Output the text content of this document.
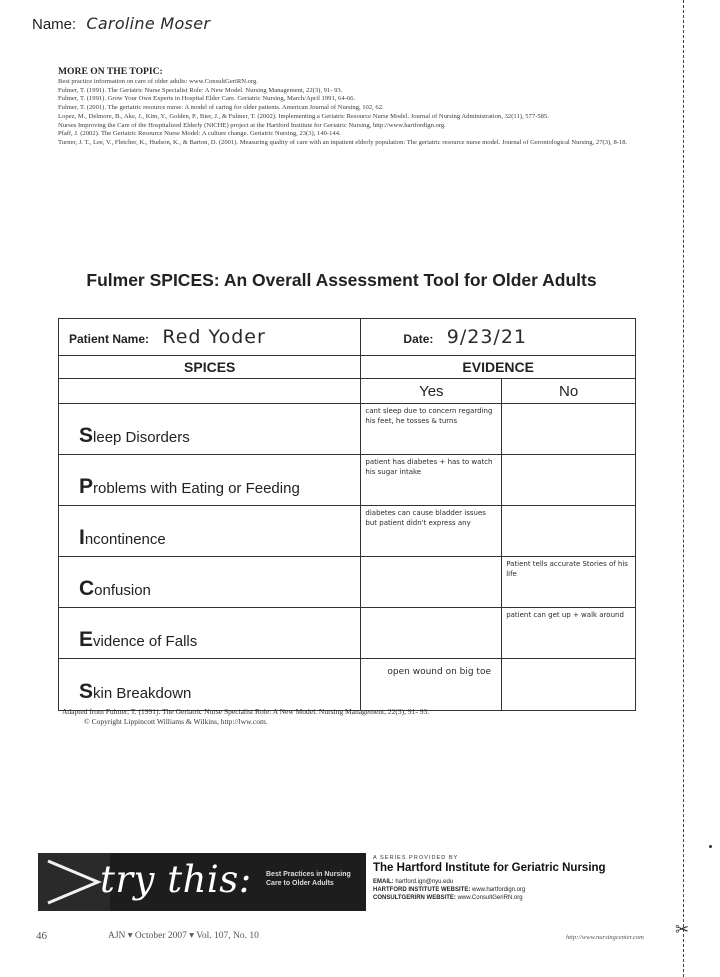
✂
Name: Caroline Moser
MORE ON THE TOPIC:
Best practice information on care of older adults: www.ConsultGeriRN.org.
Fulmer, T. (1991). The Geriatric Nurse Specialist Role: A New Model. Nursing Management, 22(3), 91- 93.
Fulmer, T. (1991). Grow Your Own Experts in Hospital Elder Care. Geriatric Nursing, March/April 1991, 64-66.
Fulmer, T. (2001). The geriatric resource nurse: A model of caring for older patients. American Journal of Nursing, 102, 62.
Lopez, M., Delmore, B., Ake, J., Kim, Y., Golden, P., Bier, J., & Fulmer, T. (2002). Implementing a Geriatric Resource Nurse Model. Journal of Nursing Administration, 32(11), 577-585.
Nurses Improving the Care of the Hospitalized Elderly (NICHE) project at the Hartford Institute for Geriatric Nursing, http://www.hartfordign.org.
Pfaff, J. (2002). The Geriatric Resource Nurse Model: A culture change. Geriatric Nursing, 23(3), 140-144.
Turner, J. T., Lee, V., Fletcher, K., Hudson, K., & Barton, D. (2001). Measuring quality of care with an inpatient elderly population: The geriatric resource nurse model. Journal of Gerontological Nursing, 27(3), 8-18.
Fulmer SPICES: An Overall Assessment Tool for Older Adults
Patient Name: Red Yoder	Date: 9/23/21	
SPICES	EVIDENCE	
	Yes	No
Sleep Disorders	cant sleep due to concern regarding his feet, he tosses & turns	
Problems with Eating or Feeding	patient has diabetes + has to watch his sugar intake	
Incontinence	diabetes can cause bladder issues but patient didn't express any	
Confusion		Patient tells accurate Stories of his life
Evidence of Falls		patient can get up + walk around
Skin Breakdown	open wound on big toe	
Adapted from Fulmer, T. (1991). The Geriatric Nurse Specialist Role: A New Model. Nursing Management, 22(3), 91- 93.
© Copyright Lippincott Williams & Wilkins, http://lww.com.
try this: Best Practices in Nursing Care to Older Adults
A SERIES PROVIDED BY
The Hartford Institute for Geriatric Nursing
EMAIL: hartford.ign@nyu.edu
HARTFORD INSTITUTE WEBSITE: www.hartfordign.org
CONSULTGERIRN WEBSITE: www.ConsultGeriRN.org
46	AJN ▾ October 2007 ▾ Vol. 107, No. 10	http://www.nursingcenter.com
